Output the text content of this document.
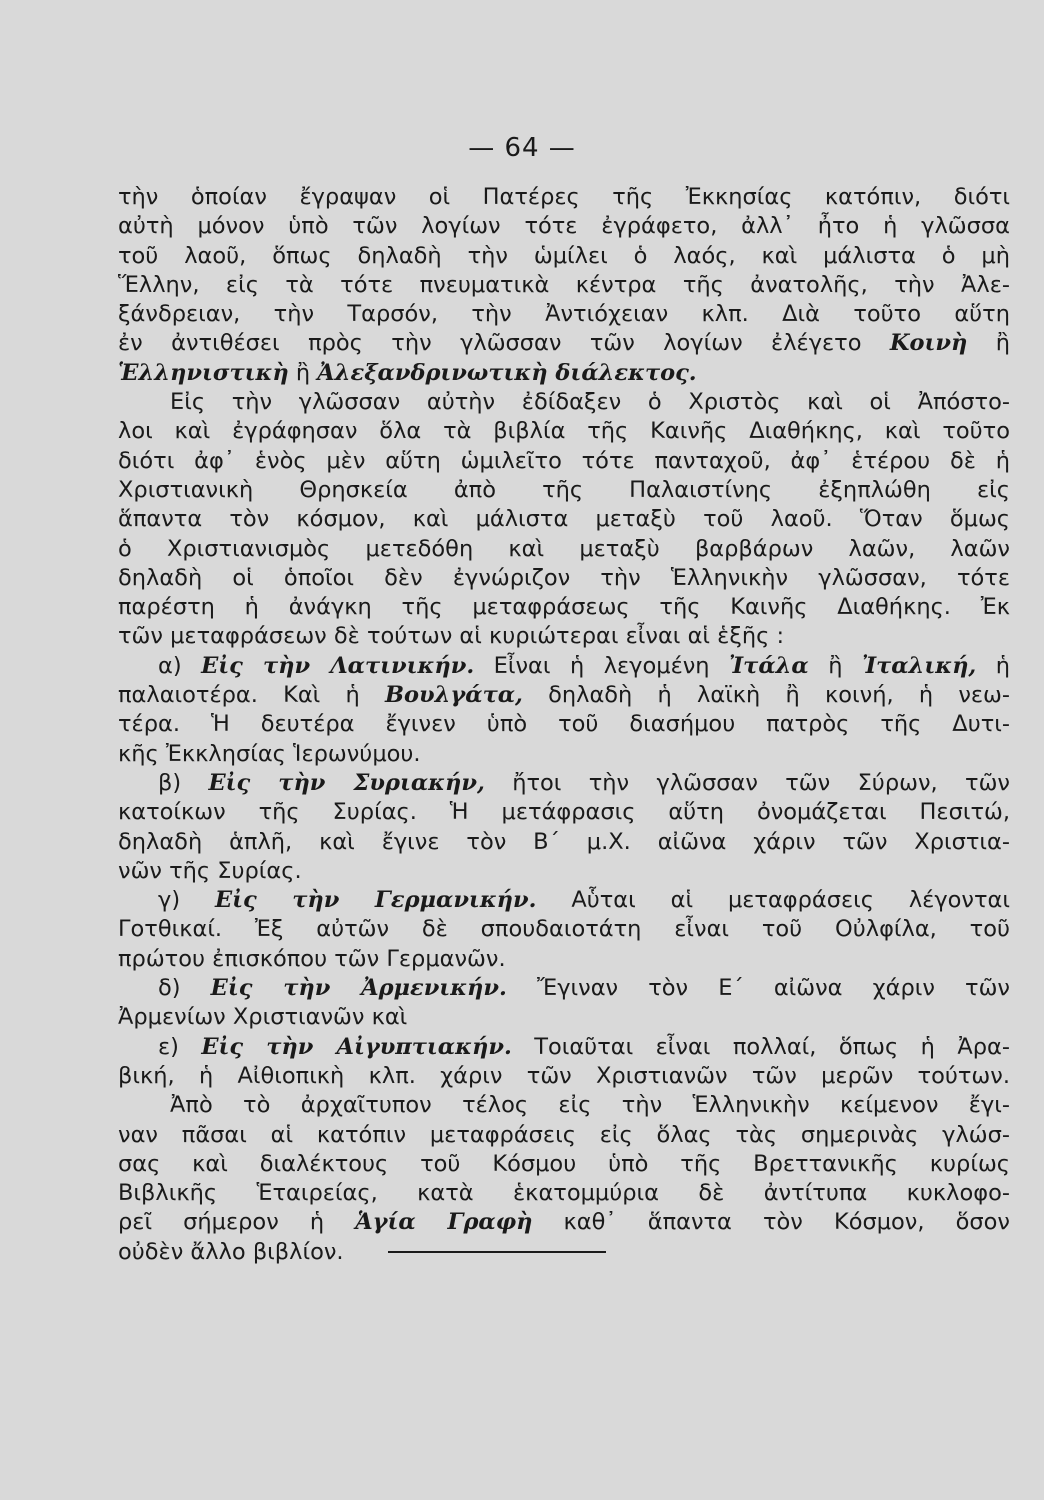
— 64 —
τὴν ὁποίαν ἔγραψαν οἱ Πατέρες τῆς Ἐκκησίας κατόπιν, διότι
αὐτὴ μόνον ὑπὸ τῶν λογίων τότε ἐγράφετο, ἀλλ᾿ ἦτο ἡ γλῶσσα
τοῦ λαοῦ, ὅπως δηλαδὴ τὴν ὡμίλει ὁ λαός, καὶ μάλιστα ὁ μὴ
Ἕλλην, εἰς τὰ τότε πνευματικὰ κέντρα τῆς ἀνατολῆς, τὴν Ἀλε-
ξάνδρειαν, τὴν Ταρσόν, τὴν Ἀντιόχειαν κλπ. Διὰ τοῦτο αὕτη
ἐν ἀντιθέσει πρὸς τὴν γλῶσσαν τῶν λογίων ἐλέγετο Κοινὴ ἢ
Ἑλληνιστικὴ ἢ Ἀλεξανδρινωτικὴ διάλεκτος.
Εἰς τὴν γλῶσσαν αὐτὴν ἐδίδαξεν ὁ Χριστὸς καὶ οἱ Ἀπόστο-
λοι καὶ ἐγράφησαν ὅλα τὰ βιβλία τῆς Καινῆς Διαθήκης, καὶ τοῦτο
διότι ἀφ᾿ ἑνὸς μὲν αὕτη ὡμιλεῖτο τότε πανταχοῦ, ἀφ᾿ ἑτέρου δὲ ἡ
Χριστιανικὴ Θρησκεία ἀπὸ τῆς Παλαιστίνης ἐξηπλώθη εἰς
ἅπαντα τὸν κόσμον, καὶ μάλιστα μεταξὺ τοῦ λαοῦ. Ὅταν ὅμως
ὁ Χριστιανισμὸς μετεδόθη καὶ μεταξὺ βαρβάρων λαῶν, λαῶν
δηλαδὴ οἱ ὁποῖοι δὲν ἐγνώριζον τὴν Ἑλληνικὴν γλῶσσαν, τότε
παρέστη ἡ ἀνάγκη τῆς μεταφράσεως τῆς Καινῆς Διαθήκης. Ἐκ
τῶν μεταφράσεων δὲ τούτων αἱ κυριώτεραι εἶναι αἱ ἑξῆς :
α) Εἰς τὴν Λατινικήν. Εἶναι ἡ λεγομένη Ἰτάλα ἢ Ἰταλική, ἡ
παλαιοτέρα. Καὶ ἡ Βουλγάτα, δηλαδὴ ἡ λαϊκὴ ἢ κοινή, ἡ νεω-
τέρα. Ἡ δευτέρα ἔγινεν ὑπὸ τοῦ διασήμου πατρὸς τῆς Δυτι-
κῆς Ἐκκλησίας Ἱερωνύμου.
β) Εἰς τὴν Συριακήν, ἤτοι τὴν γλῶσσαν τῶν Σύρων, τῶν
κατοίκων τῆς Συρίας. Ἡ μετάφρασις αὕτη ὀνομάζεται Πεσιτώ,
δηλαδὴ ἁπλῆ, καὶ ἔγινε τὸν Β΄ μ.Χ. αἰῶνα χάριν τῶν Χριστια-
νῶν τῆς Συρίας.
γ) Εἰς τὴν Γερμανικήν. Αὗται αἱ μεταφράσεις λέγονται
Γοτθικαί. Ἐξ αὐτῶν δὲ σπουδαιοτάτη εἶναι τοῦ Οὐλφίλα, τοῦ
πρώτου ἐπισκόπου τῶν Γερμανῶν.
δ) Εἰς τὴν Ἀρμενικήν. Ἔγιναν τὸν Ε΄ αἰῶνα χάριν τῶν
Ἀρμενίων Χριστιανῶν καὶ
ε) Εἰς τὴν Αἰγυπτιακήν. Τοιαῦται εἶναι πολλαί, ὅπως ἡ Ἀρα-
βική, ἡ Αἰθιοπικὴ κλπ. χάριν τῶν Χριστιανῶν τῶν μερῶν τούτων.
Ἀπὸ τὸ ἀρχαῖτυπον τέλος εἰς τὴν Ἑλληνικὴν κείμενον ἔγι-
ναν πᾶσαι αἱ κατόπιν μεταφράσεις εἰς ὅλας τὰς σημερινὰς γλώσ-
σας καὶ διαλέκτους τοῦ Κόσμου ὑπὸ τῆς Βρεττανικῆς κυρίως
Βιβλικῆς Ἑταιρείας, κατὰ ἑκατομμύρια δὲ ἀντίτυπα κυκλοφο-
ρεῖ σήμερον ἡ Ἁγία Γραφὴ καθ᾿ ἅπαντα τὸν Κόσμον, ὅσον
οὐδὲν ἄλλο βιβλίον.
